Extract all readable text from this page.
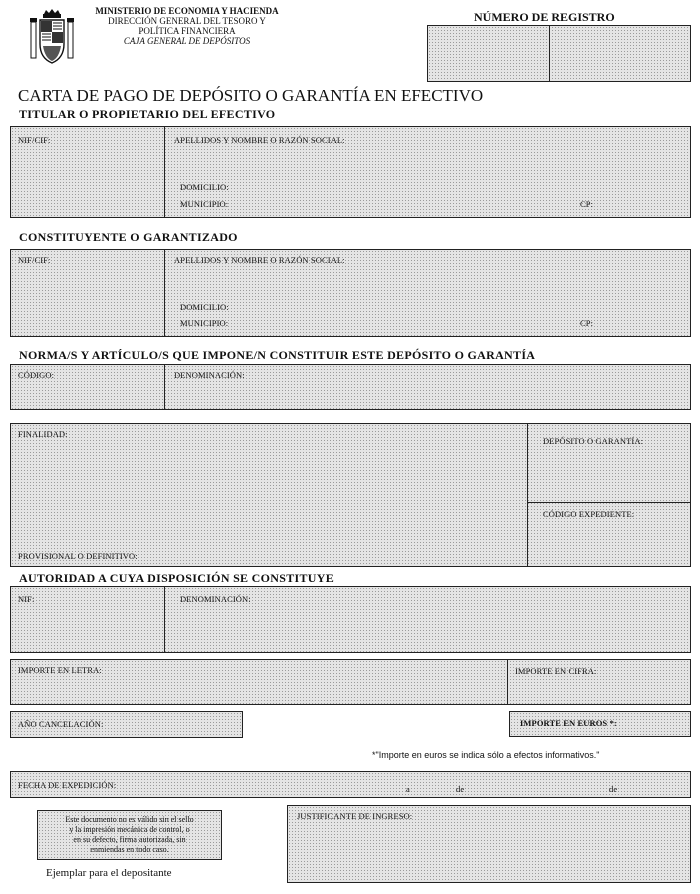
MINISTERIO DE ECONOMIA Y HACIENDA
DIRECCIÓN GENERAL DEL TESORO Y
POLÍTICA FINANCIERA
CAJA GENERAL DE DEPÓSITOS
NÚMERO DE REGISTRO
CARTA DE PAGO DE DEPÓSITO O GARANTÍA EN EFECTIVO
TITULAR O PROPIETARIO DEL EFECTIVO
NIF/CIF:	APELLIDOS Y NOMBRE O RAZÓN SOCIAL:
DOMICILIO:
MUNICIPIO:	CP:
CONSTITUYENTE O GARANTIZADO
NIF/CIF:	APELLIDOS Y NOMBRE O RAZÓN SOCIAL:
DOMICILIO:
MUNICIPIO:	CP:
NORMA/S Y ARTÍCULO/S QUE IMPONE/N CONSTITUIR ESTE DEPÓSITO O GARANTÍA
CÓDIGO:	DENOMINACIÓN:
FINALIDAD:
DEPÓSITO O GARANTÍA:
CÓDIGO EXPEDIENTE:
PROVISIONAL O DEFINITIVO:
AUTORIDAD A CUYA DISPOSICIÓN SE CONSTITUYE
NIF:	DENOMINACIÓN:
IMPORTE EN LETRA:	IMPORTE EN CIFRA:
AÑO CANCELACIÓN:	IMPORTE EN EUROS *:
*"Importe en euros se indica sólo a efectos informativos."
FECHA DE EXPEDICIÓN:	a	de	de
Este documento no es válido sin el sello
y la impresión mecánica de control, o
en su defecto, firma autorizada, sin
enmiendas en todo caso.
JUSTIFICANTE DE INGRESO:
Ejemplar para el depositante
